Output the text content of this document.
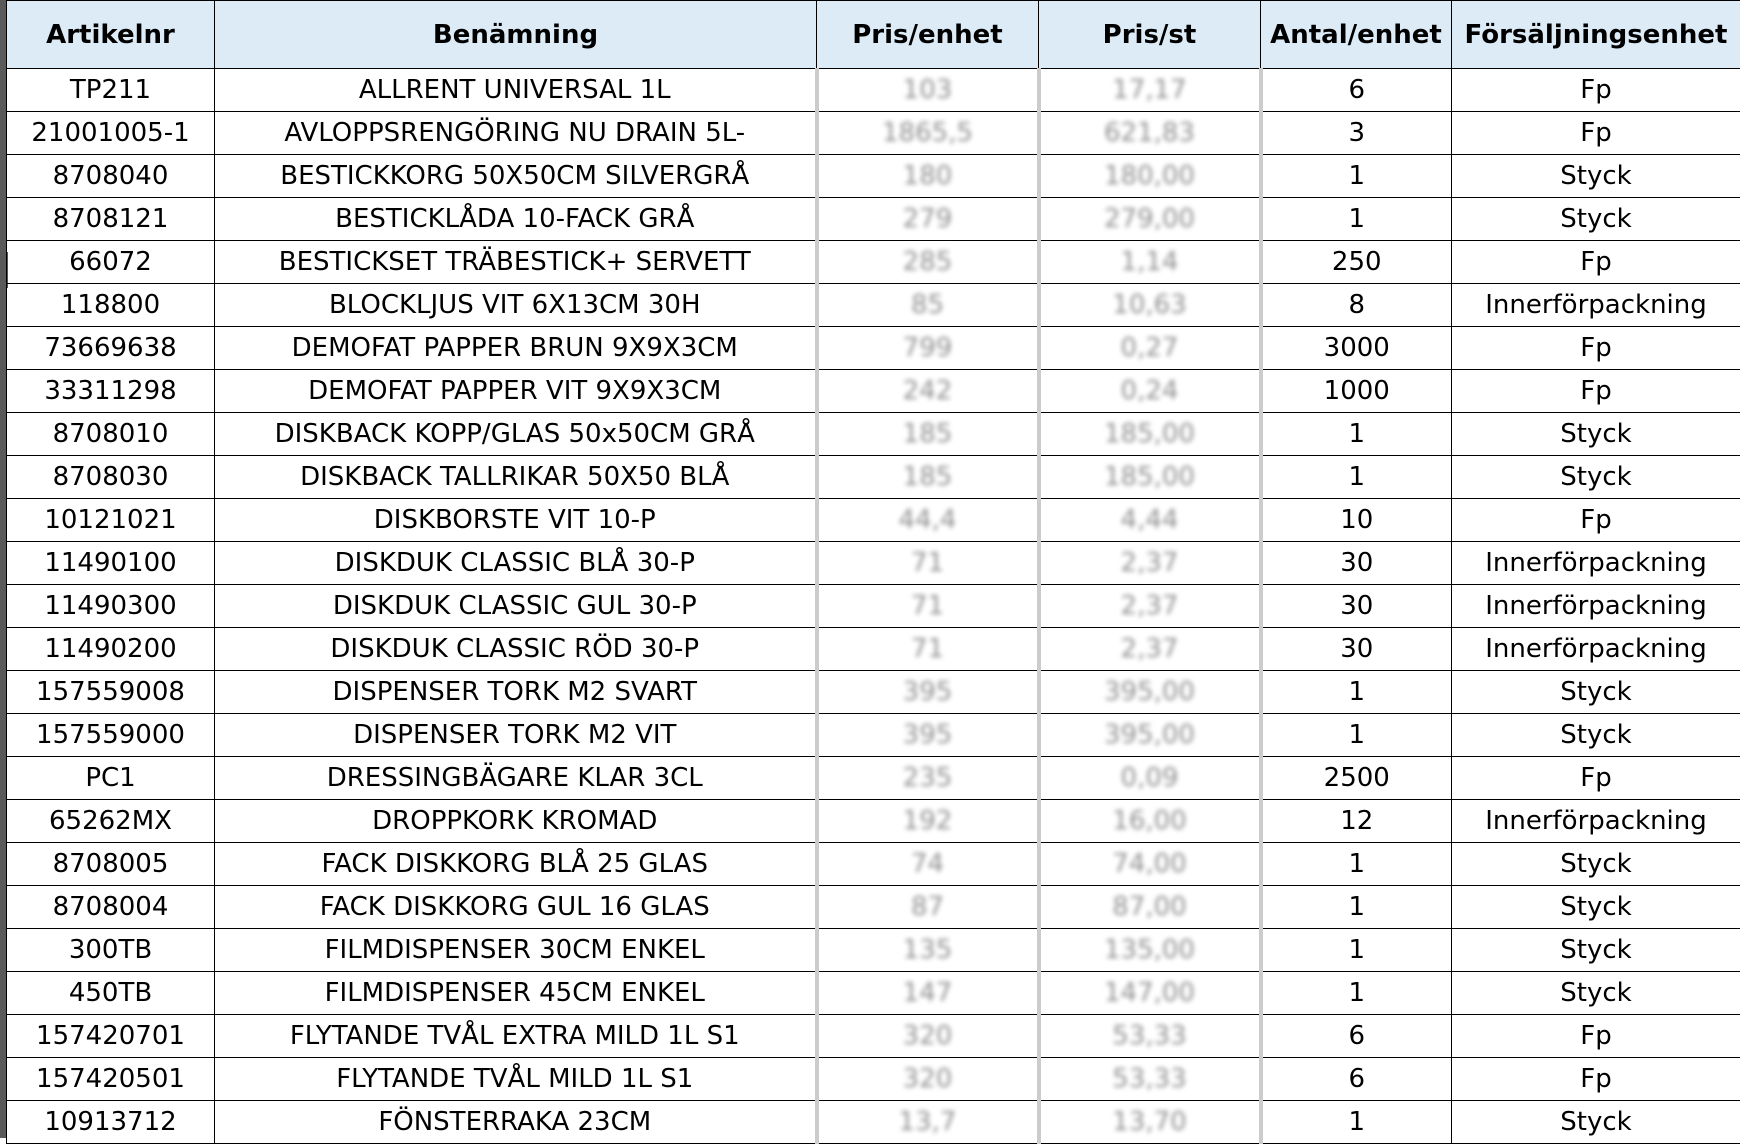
Artikelnr	Benämning	Pris/enhet	Pris/st	Antal/enhet	Försäljningsenhet
TP211	ALLRENT UNIVERSAL 1L	103	17,17	6	Fp
21001005-1	AVLOPPSRENGÖRING NU DRAIN 5L-	1865,5	621,83	3	Fp
8708040	BESTICKKORG 50X50CM SILVERGRÅ	180	180,00	1	Styck
8708121	BESTICKLÅDA 10-FACK GRÅ	279	279,00	1	Styck
66072	BESTICKSET TRÄBESTICK+ SERVETT	285	1,14	250	Fp
118800	BLOCKLJUS VIT 6X13CM 30H	85	10,63	8	Innerförpackning
73669638	DEMOFAT PAPPER BRUN 9X9X3CM	799	0,27	3000	Fp
33311298	DEMOFAT PAPPER VIT 9X9X3CM	242	0,24	1000	Fp
8708010	DISKBACK KOPP/GLAS 50x50CM GRÅ	185	185,00	1	Styck
8708030	DISKBACK TALLRIKAR 50X50 BLÅ	185	185,00	1	Styck
10121021	DISKBORSTE VIT 10-P	44,4	4,44	10	Fp
11490100	DISKDUK CLASSIC BLÅ 30-P	71	2,37	30	Innerförpackning
11490300	DISKDUK CLASSIC GUL 30-P	71	2,37	30	Innerförpackning
11490200	DISKDUK CLASSIC RÖD 30-P	71	2,37	30	Innerförpackning
157559008	DISPENSER TORK M2 SVART	395	395,00	1	Styck
157559000	DISPENSER TORK M2 VIT	395	395,00	1	Styck
PC1	DRESSINGBÄGARE KLAR 3CL	235	0,09	2500	Fp
65262MX	DROPPKORK KROMAD	192	16,00	12	Innerförpackning
8708005	FACK DISKKORG BLÅ 25 GLAS	74	74,00	1	Styck
8708004	FACK DISKKORG GUL 16 GLAS	87	87,00	1	Styck
300TB	FILMDISPENSER 30CM ENKEL	135	135,00	1	Styck
450TB	FILMDISPENSER 45CM ENKEL	147	147,00	1	Styck
157420701	FLYTANDE TVÅL EXTRA MILD 1L S1	320	53,33	6	Fp
157420501	FLYTANDE TVÅL MILD 1L S1	320	53,33	6	Fp
10913712	FÖNSTERRAKA 23CM	13,7	13,70	1	Styck
